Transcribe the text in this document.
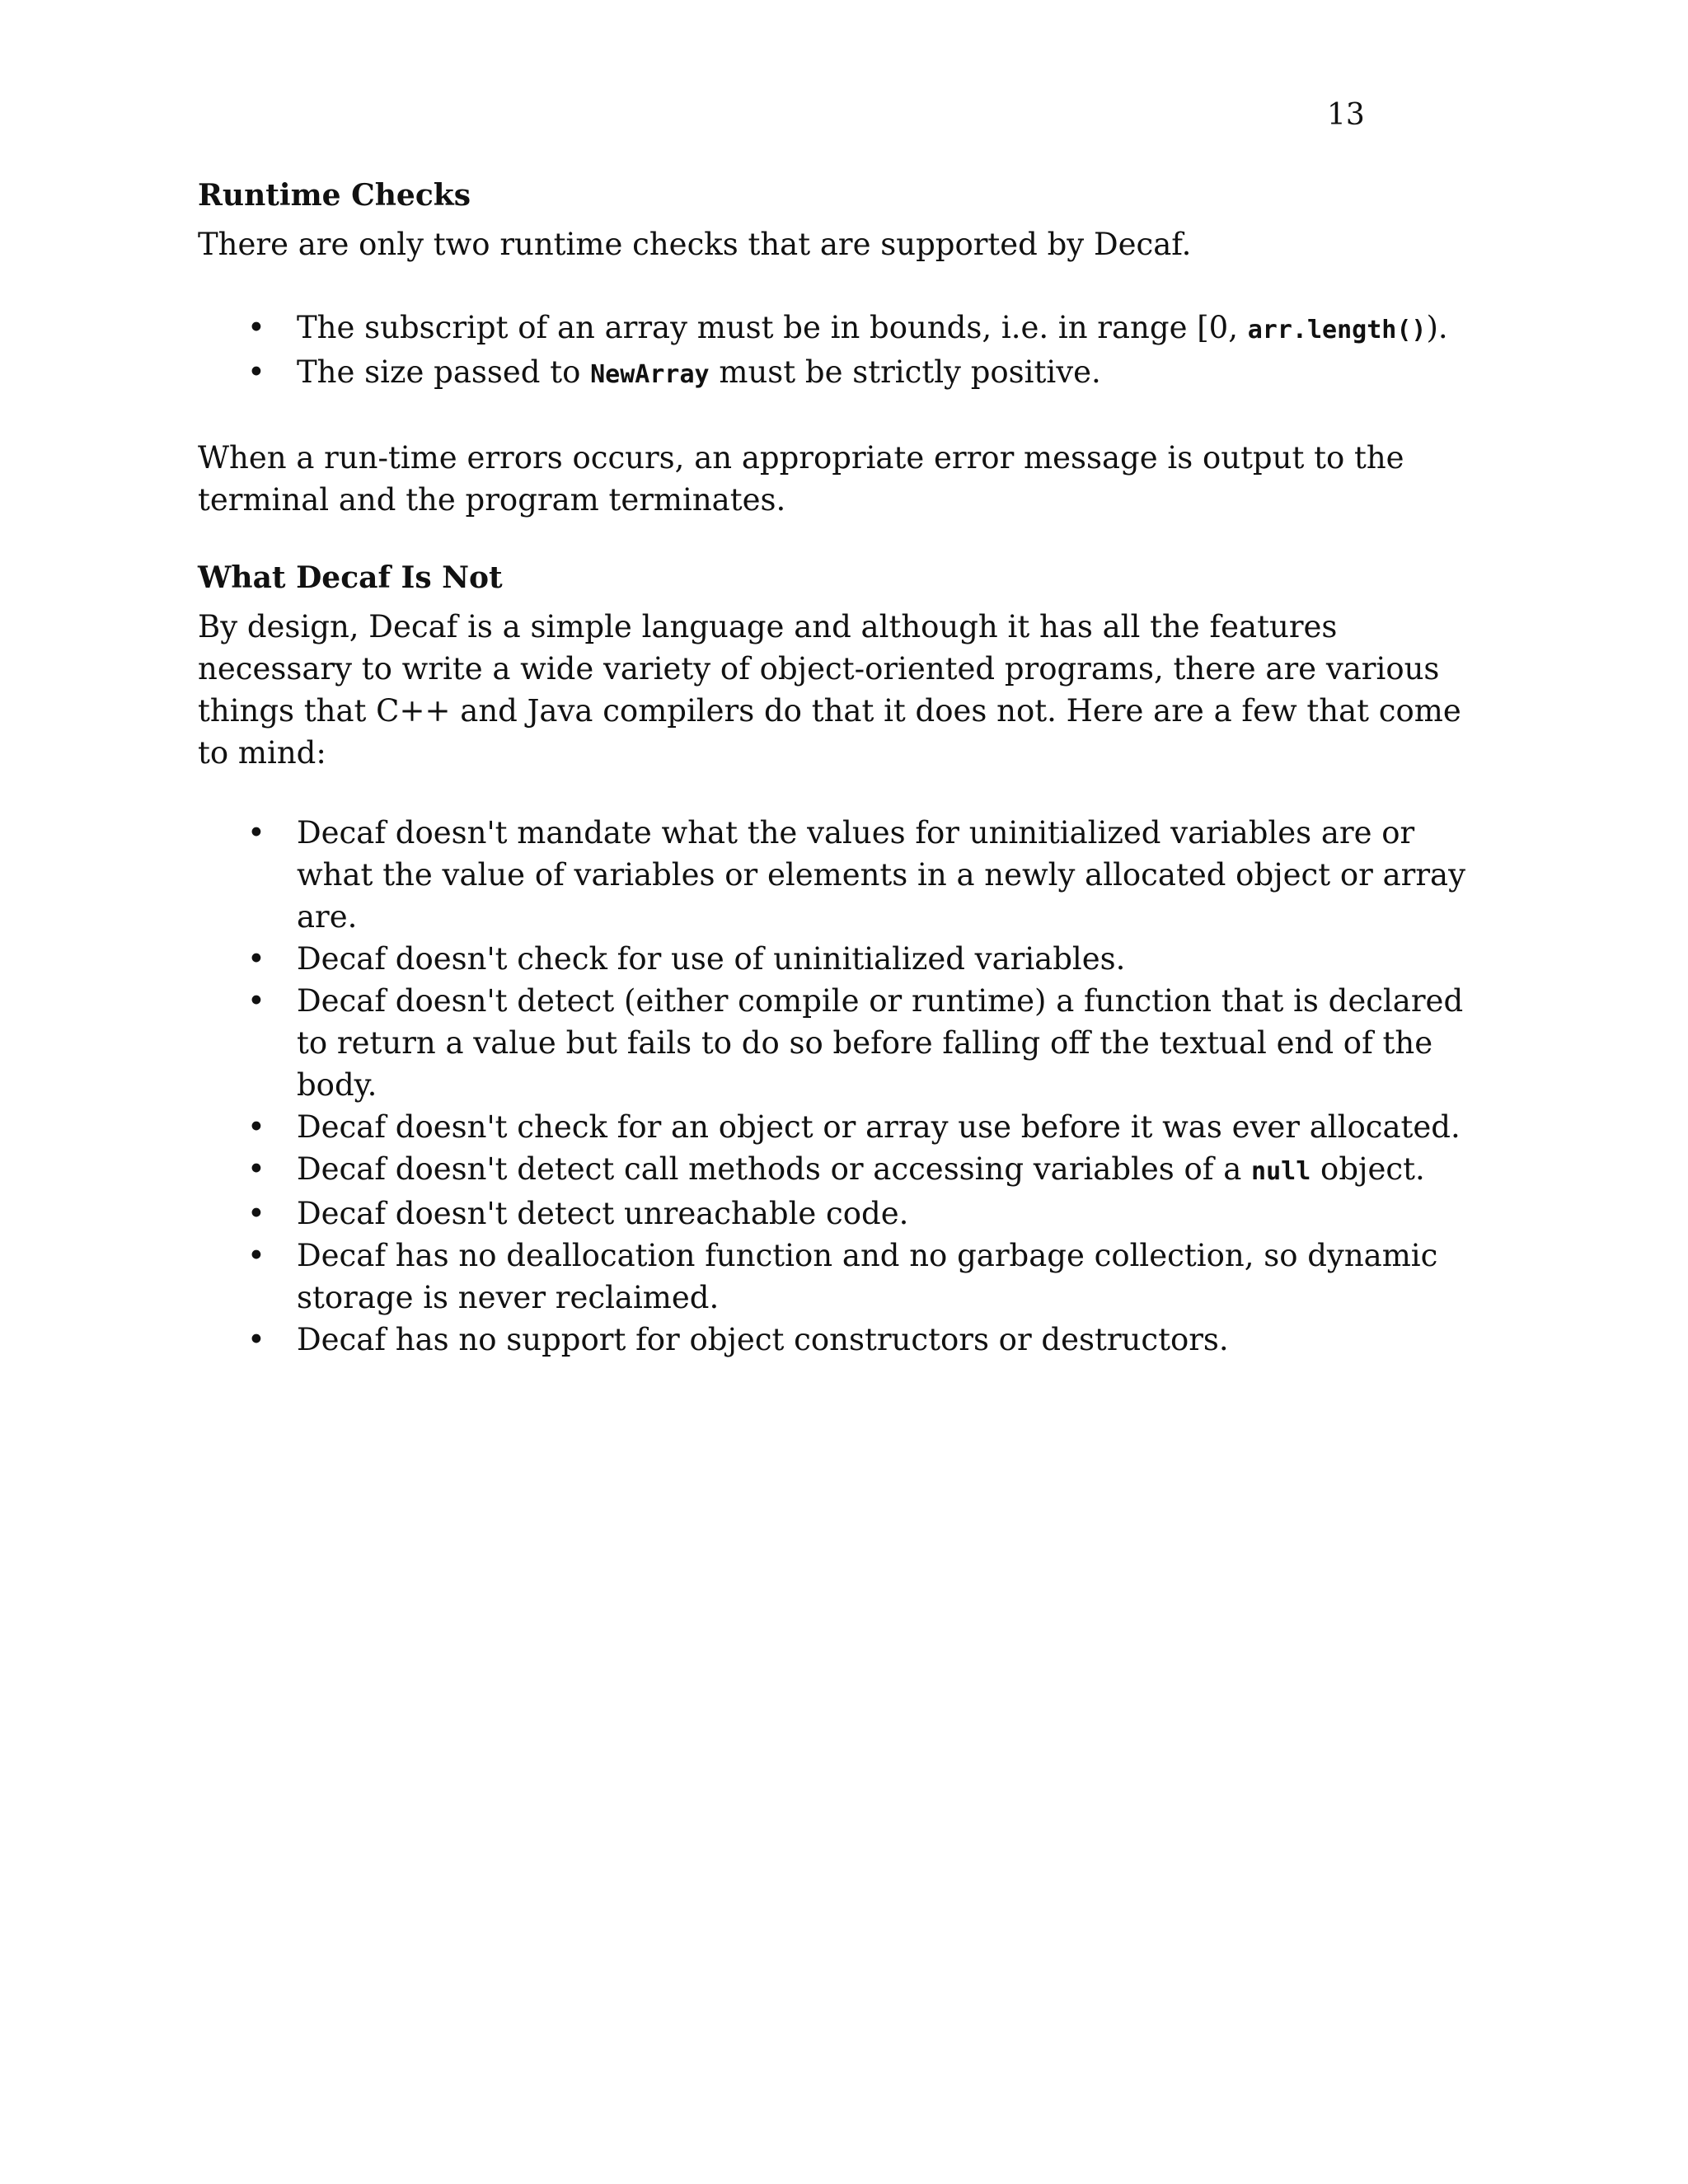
13
Runtime Checks

There are only two runtime checks that are supported by Decaf.

• The subscript of an array must be in bounds, i.e. in range [0, arr.length()).
• The size passed to NewArray must be strictly positive.

When a run-time errors occurs, an appropriate error message is output to the terminal and the program terminates.

What Decaf Is Not

By design, Decaf is a simple language and although it has all the features necessary to write a wide variety of object-oriented programs, there are various things that C++ and Java compilers do that it does not. Here are a few that come to mind:

• Decaf doesn't mandate what the values for uninitialized variables are or what the value of variables or elements in a newly allocated object or array are.
• Decaf doesn't check for use of uninitialized variables.
• Decaf doesn't detect (either compile or runtime) a function that is declared to return a value but fails to do so before falling off the textual end of the body.
• Decaf doesn't check for an object or array use before it was ever allocated.
• Decaf doesn't detect call methods or accessing variables of a null object.
• Decaf doesn't detect unreachable code.
• Decaf has no deallocation function and no garbage collection, so dynamic storage is never reclaimed.
• Decaf has no support for object constructors or destructors.
